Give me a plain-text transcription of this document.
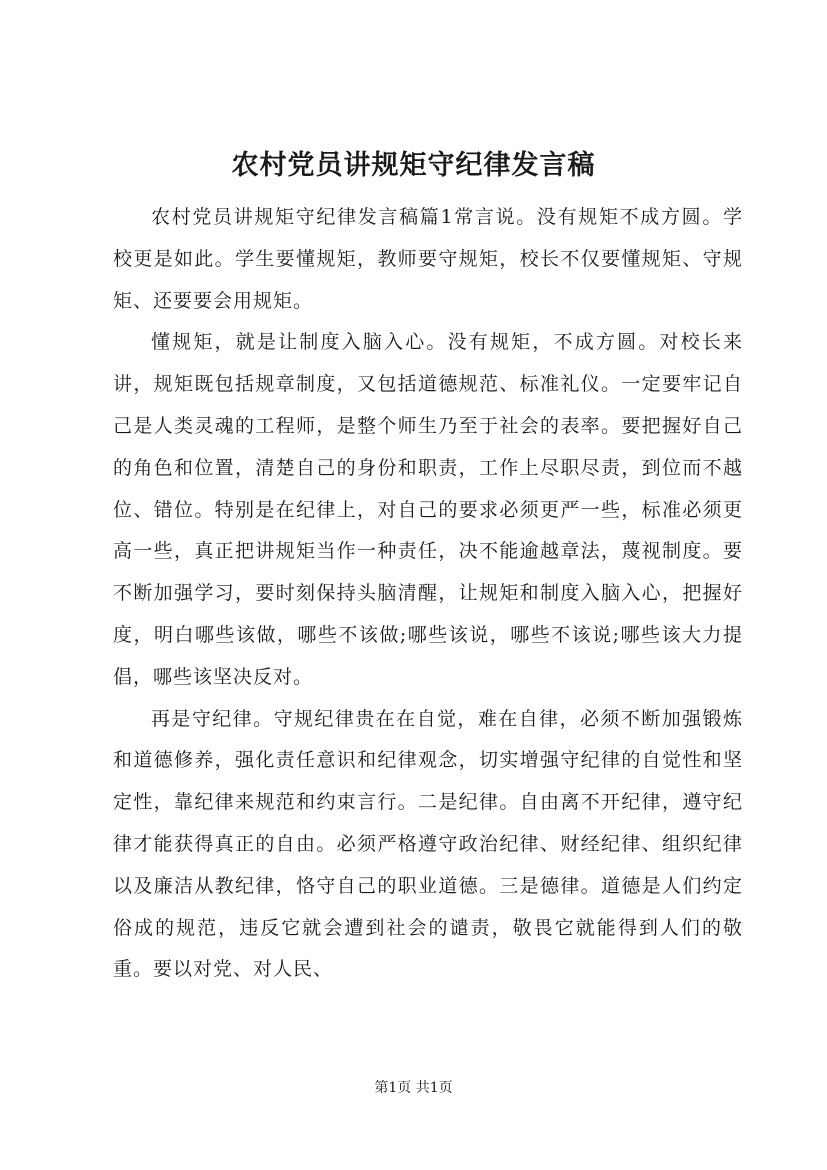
农村党员讲规矩守纪律发言稿

农村党员讲规矩守纪律发言稿篇1常言说。没有规矩不成方圆。学校更是如此。学生要懂规矩，教师要守规矩，校长不仅要懂规矩、守规矩、还要要会用规矩。

懂规矩，就是让制度入脑入心。没有规矩，不成方圆。对校长来讲，规矩既包括规章制度，又包括道德规范、标准礼仪。一定要牢记自己是人类灵魂的工程师，是整个师生乃至于社会的表率。要把握好自己的角色和位置，清楚自己的身份和职责，工作上尽职尽责，到位而不越位、错位。特别是在纪律上，对自己的要求必须更严一些，标准必须更高一些，真正把讲规矩当作一种责任，决不能逾越章法，蔑视制度。要不断加强学习，要时刻保持头脑清醒，让规矩和制度入脑入心，把握好度，明白哪些该做，哪些不该做;哪些该说，哪些不该说;哪些该大力提倡，哪些该坚决反对。

再是守纪律。守规纪律贵在在自觉，难在自律，必须不断加强锻炼和道德修养，强化责任意识和纪律观念，切实增强守纪律的自觉性和坚定性，靠纪律来规范和约束言行。二是纪律。自由离不开纪律，遵守纪律才能获得真正的自由。必须严格遵守政治纪律、财经纪律、组织纪律以及廉洁从教纪律，恪守自己的职业道德。三是德律。道德是人们约定俗成的规范，违反它就会遭到社会的谴责，敬畏它就能得到人们的敬重。要以对党、对人民、

第1页 共1页
